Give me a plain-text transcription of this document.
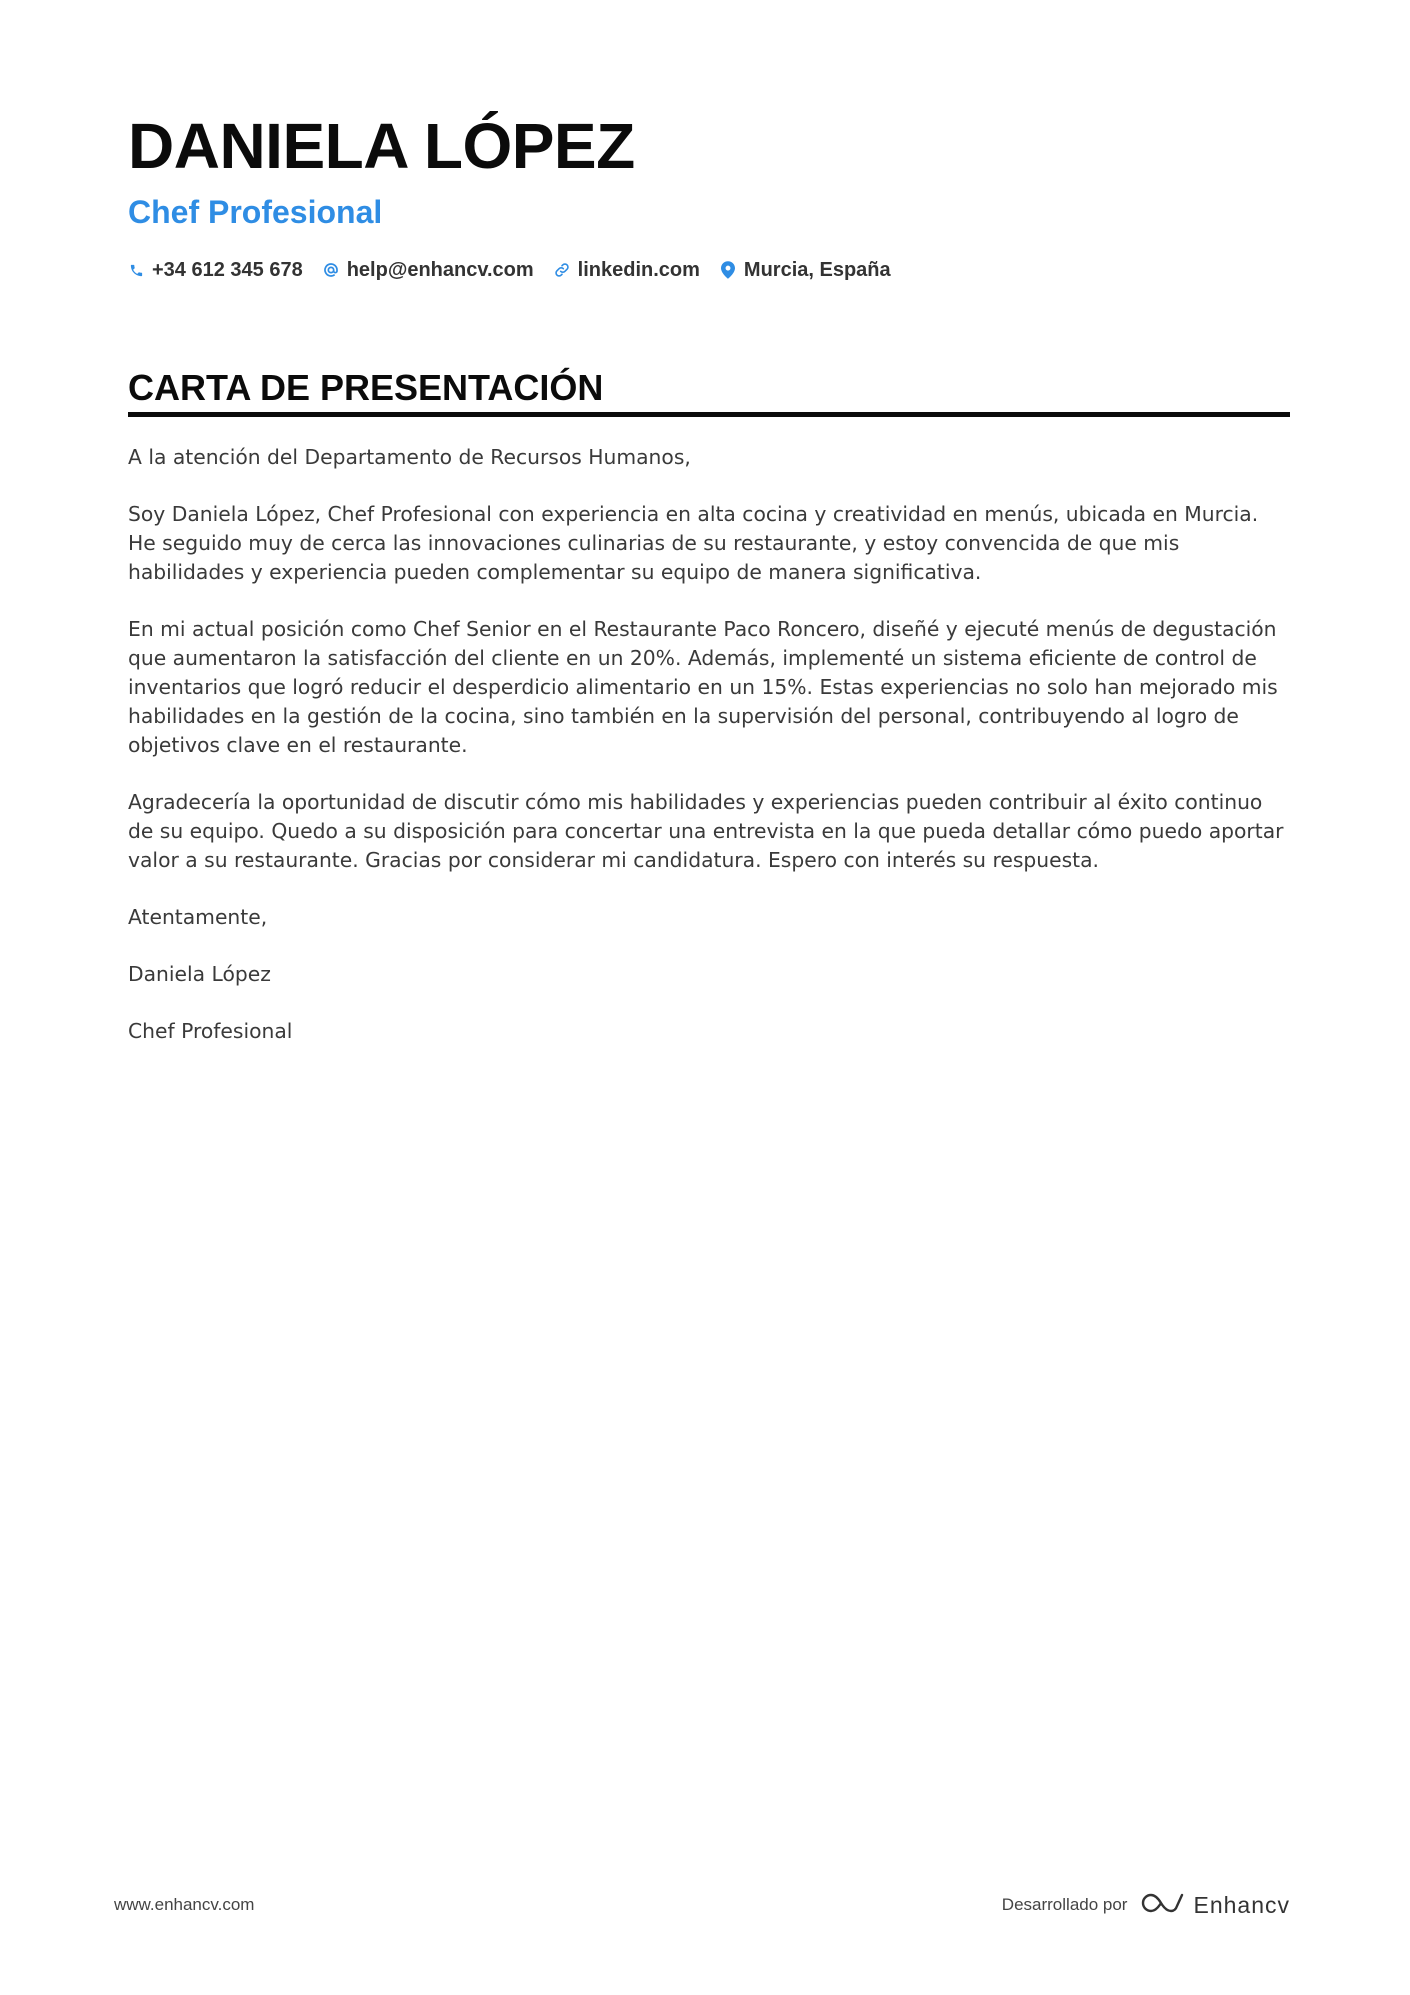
DANIELA LÓPEZ
Chef Profesional
+34 612 345 678 help@enhancv.com linkedin.com Murcia, España
CARTA DE PRESENTACIÓN

A la atención del Departamento de Recursos Humanos,

Soy Daniela López, Chef Profesional con experiencia en alta cocina y creatividad en menús, ubicada en Murcia. He seguido muy de cerca las innovaciones culinarias de su restaurante, y estoy convencida de que mis habilidades y experiencia pueden complementar su equipo de manera significativa.

En mi actual posición como Chef Senior en el Restaurante Paco Roncero, diseñé y ejecuté menús de degustación que aumentaron la satisfacción del cliente en un 20%. Además, implementé un sistema eficiente de control de inventarios que logró reducir el desperdicio alimentario en un 15%. Estas experiencias no solo han mejorado mis habilidades en la gestión de la cocina, sino también en la supervisión del personal, contribuyendo al logro de objetivos clave en el restaurante.

Agradecería la oportunidad de discutir cómo mis habilidades y experiencias pueden contribuir al éxito continuo de su equipo. Quedo a su disposición para concertar una entrevista en la que pueda detallar cómo puedo aportar valor a su restaurante. Gracias por considerar mi candidatura. Espero con interés su respuesta.

Atentamente,

Daniela López

Chef Profesional

www.enhancv.com	Desarrollado por	Enhancv
